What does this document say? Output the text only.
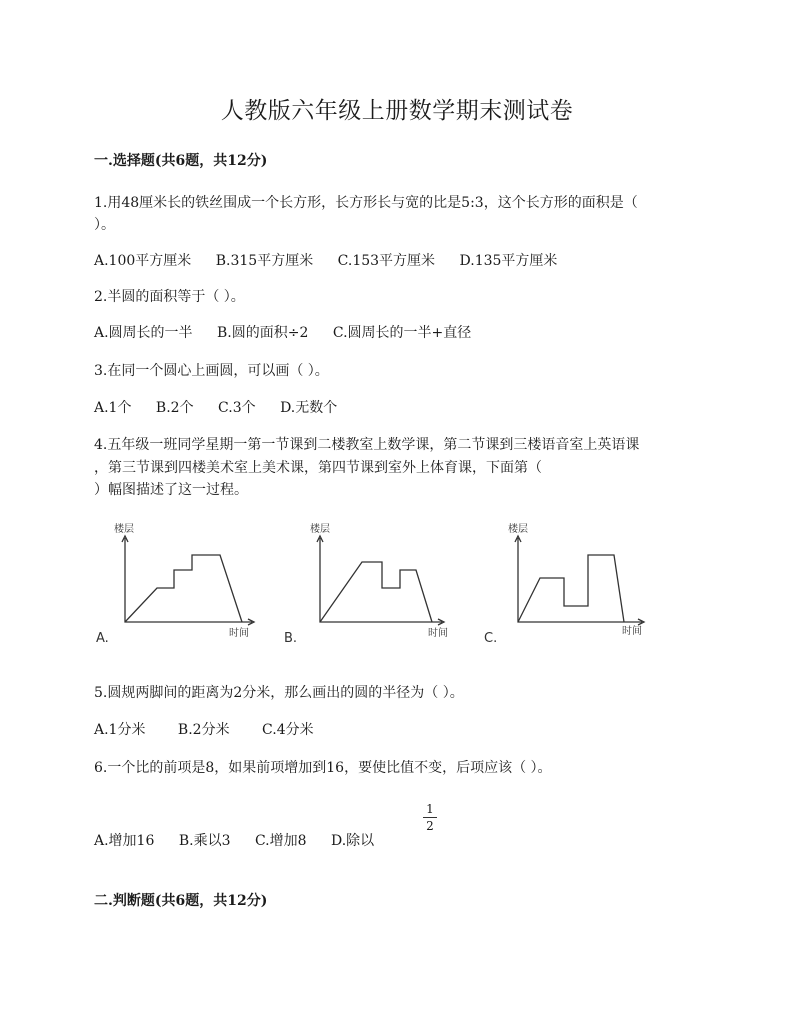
人教版六年级上册数学期末测试卷
一.选择题(共6题，共12分)
1.用48厘米长的铁丝围成一个长方形，长方形长与宽的比是5:3，这个长方形的面积是（
）。
A.100平方厘米 B.315平方厘米 C.153平方厘米 D.135平方厘米
2.半圆的面积等于（ ）。
A.圆周长的一半 B.圆的面积÷2 C.圆周长的一半+直径
3.在同一个圆心上画圆，可以画（ ）。
A.1个 B.2个 C.3个 D.无数个
4.五年级一班同学星期一第一节课到二楼教室上数学课，第二节课到三楼语音室上英语课
，第三节课到四楼美术室上美术课，第四节课到室外上体育课，下面第（
）幅图描述了这一过程。
楼层
时间
A.
楼层
时间
B.
楼层
时间
C.
5.圆规两脚间的距离为2分米，那么画出的圆的半径为（ ）。
A.1分米 B.2分米 C.4分米
6.一个比的前项是8，如果前项增加到16，要使比值不变，后项应该（ ）。
A.增加16 B.乘以3 C.增加8 D.除以
1
2
二.判断题(共6题，共12分)
